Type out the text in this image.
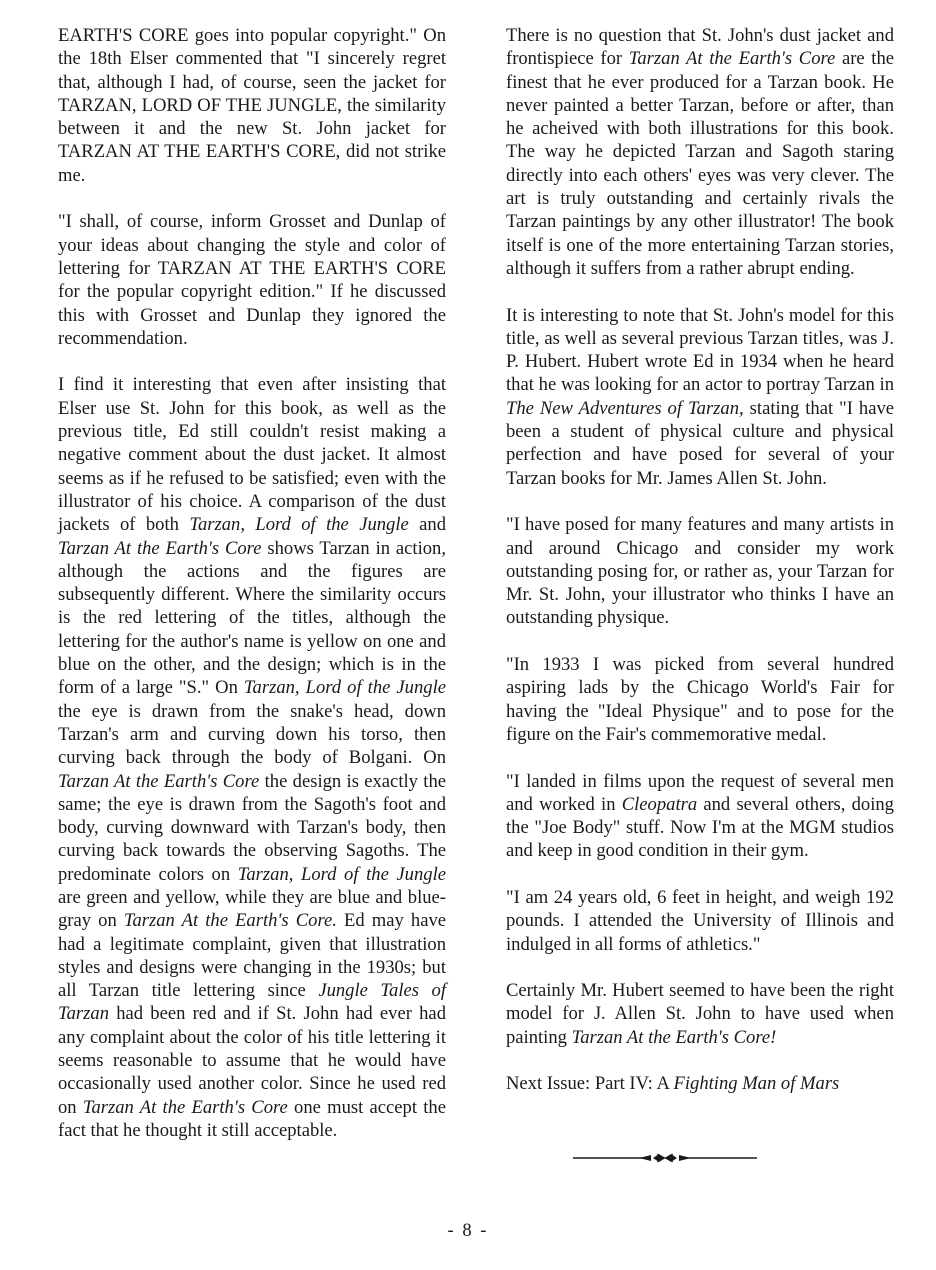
EARTH'S CORE goes into popular copyright." On the 18th Elser commented that "I sincerely regret that, although I had, of course, seen the jacket for TARZAN, LORD OF THE JUNGLE, the similarity between it and the new St. John jacket for TARZAN AT THE EARTH'S CORE, did not strike me.

"I shall, of course, inform Grosset and Dunlap of your ideas about changing the style and color of lettering for TARZAN AT THE EARTH'S CORE for the popular copyright edition." If he discussed this with Grosset and Dunlap they ignored the recommendation.

I find it interesting that even after insisting that Elser use St. John for this book, as well as the previous title, Ed still couldn't resist making a negative comment about the dust jacket. It almost seems as if he refused to be satisfied; even with the illustrator of his choice. A comparison of the dust jackets of both Tarzan, Lord of the Jungle and Tarzan At the Earth's Core shows Tarzan in action, although the actions and the figures are subsequently different. Where the similarity occurs is the red lettering of the titles, although the lettering for the author's name is yellow on one and blue on the other, and the design; which is in the form of a large "S." On Tarzan, Lord of the Jungle the eye is drawn from the snake's head, down Tarzan's arm and curving down his torso, then curving back through the body of Bolgani. On Tarzan At the Earth's Core the design is exactly the same; the eye is drawn from the Sagoth's foot and body, curving downward with Tarzan's body, then curving back towards the observing Sagoths. The predominate colors on Tarzan, Lord of the Jungle are green and yellow, while they are blue and blue-gray on Tarzan At the Earth's Core. Ed may have had a legitimate complaint, given that illustration styles and designs were changing in the 1930s; but all Tarzan title lettering since Jungle Tales of Tarzan had been red and if St. John had ever had any complaint about the color of his title lettering it seems reasonable to assume that he would have occasionally used another color. Since he used red on Tarzan At the Earth's Core one must accept the fact that he thought it still acceptable.

There is no question that St. John's dust jacket and frontispiece for Tarzan At the Earth's Core are the finest that he ever produced for a Tarzan book. He never painted a better Tarzan, before or after, than he acheived with both illustrations for this book. The way he depicted Tarzan and Sagoth staring directly into each others' eyes was very clever. The art is truly outstanding and certainly rivals the Tarzan paintings by any other illustrator! The book itself is one of the more entertaining Tarzan stories, although it suffers from a rather abrupt ending.

It is interesting to note that St. John's model for this title, as well as several previous Tarzan titles, was J. P. Hubert. Hubert wrote Ed in 1934 when he heard that he was looking for an actor to portray Tarzan in The New Adventures of Tarzan, stating that "I have been a student of physical culture and physical perfection and have posed for several of your Tarzan books for Mr. James Allen St. John.

"I have posed for many features and many artists in and around Chicago and consider my work outstanding posing for, or rather as, your Tarzan for Mr. St. John, your illustrator who thinks I have an outstanding physique.

"In 1933 I was picked from several hundred aspiring lads by the Chicago World's Fair for having the "Ideal Physique" and to pose for the figure on the Fair's commemorative medal.

"I landed in films upon the request of several men and worked in Cleopatra and several others, doing the "Joe Body" stuff. Now I'm at the MGM studios and keep in good condition in their gym.

"I am 24 years old, 6 feet in height, and weigh 192 pounds. I attended the University of Illinois and indulged in all forms of athletics."

Certainly Mr. Hubert seemed to have been the right model for J. Allen St. John to have used when painting Tarzan At the Earth's Core!

Next Issue: Part IV: A Fighting Man of Mars

- 8 -
